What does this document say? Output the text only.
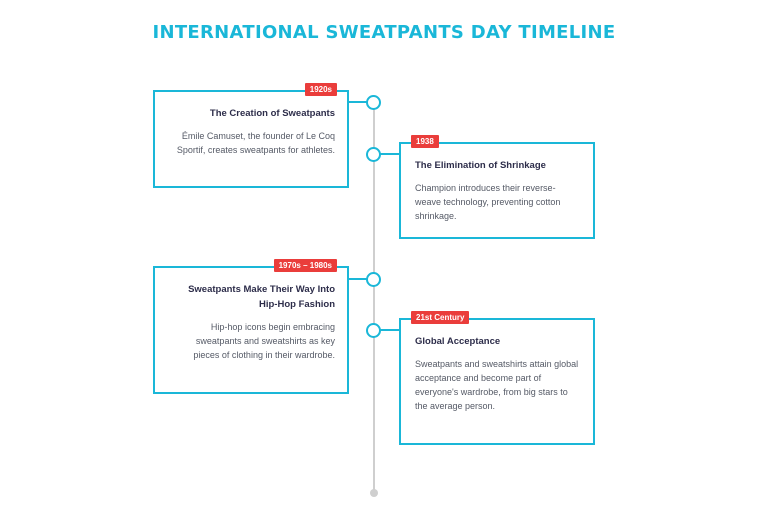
INTERNATIONAL SWEATPANTS DAY TIMELINE
1920s
The Creation of Sweatpants

Émile Camuset, the founder of Le Coq Sportif, creates sweatpants for athletes.

1938
The Elimination of Shrinkage

Champion introduces their reverse-weave technology, preventing cotton shrinkage.

1970s – 1980s
Sweatpants Make Their Way Into Hip-Hop Fashion

Hip-hop icons begin embracing sweatpants and sweatshirts as key pieces of clothing in their wardrobe.

21st Century
Global Acceptance

Sweatpants and sweatshirts attain global acceptance and become part of everyone's wardrobe, from big stars to the average person.
